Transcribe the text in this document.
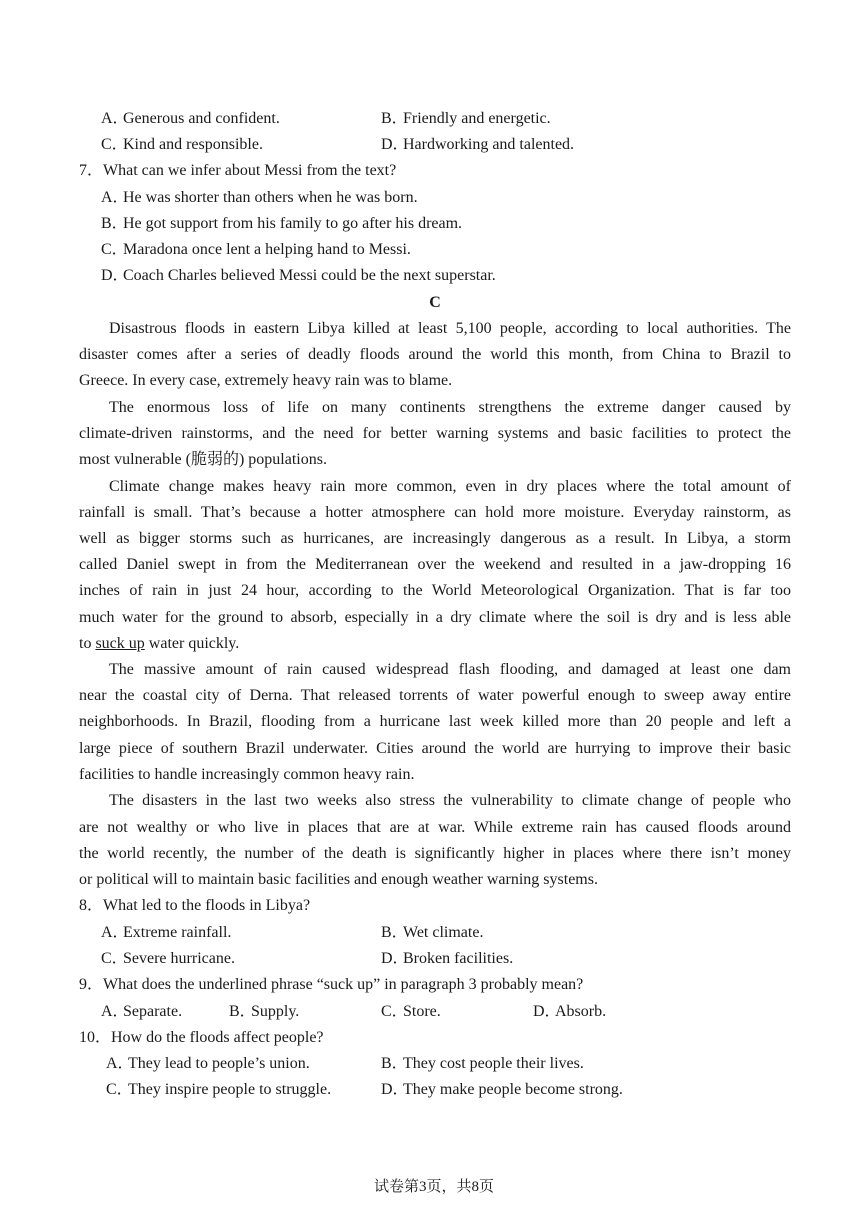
A．Generous and confident.	B．Friendly and energetic.
C．Kind and responsible.	D．Hardworking and talented.
7．What can we infer about Messi from the text?
A．He was shorter than others when he was born.
B．He got support from his family to go after his dream.
C．Maradona once lent a helping hand to Messi.
D．Coach Charles believed Messi could be the next superstar.
C
Disastrous floods in eastern Libya killed at least 5,100 people, according to local authorities. The
disaster comes after a series of deadly floods around the world this month, from China to Brazil to
Greece. In every case, extremely heavy rain was to blame.
The enormous loss of life on many continents strengthens the extreme danger caused by
climate-driven rainstorms, and the need for better warning systems and basic facilities to protect the
most vulnerable (脆弱的) populations.
Climate change makes heavy rain more common, even in dry places where the total amount of
rainfall is small. That’s because a hotter atmosphere can hold more moisture. Everyday rainstorm, as
well as bigger storms such as hurricanes, are increasingly dangerous as a result. In Libya, a storm
called Daniel swept in from the Mediterranean over the weekend and resulted in a jaw-dropping 16
inches of rain in just 24 hour, according to the World Meteorological Organization. That is far too
much water for the ground to absorb, especially in a dry climate where the soil is dry and is less able
to suck up water quickly.
The massive amount of rain caused widespread flash flooding, and damaged at least one dam
near the coastal city of Derna. That released torrents of water powerful enough to sweep away entire
neighborhoods. In Brazil, flooding from a hurricane last week killed more than 20 people and left a
large piece of southern Brazil underwater. Cities around the world are hurrying to improve their basic
facilities to handle increasingly common heavy rain.
The disasters in the last two weeks also stress the vulnerability to climate change of people who
are not wealthy or who live in places that are at war. While extreme rain has caused floods around
the world recently, the number of the death is significantly higher in places where there isn’t money
or political will to maintain basic facilities and enough weather warning systems.
8．What led to the floods in Libya?
A．Extreme rainfall.	B．Wet climate.
C．Severe hurricane.	D．Broken facilities.
9．What does the underlined phrase “suck up” in paragraph 3 probably mean?
A．Separate.	B．Supply.	C．Store.	D．Absorb.
10．How do the floods affect people?
A．They lead to people’s union.	B．They cost people their lives.
C．They inspire people to struggle.	D．They make people become strong.
试卷第3页，共8页
